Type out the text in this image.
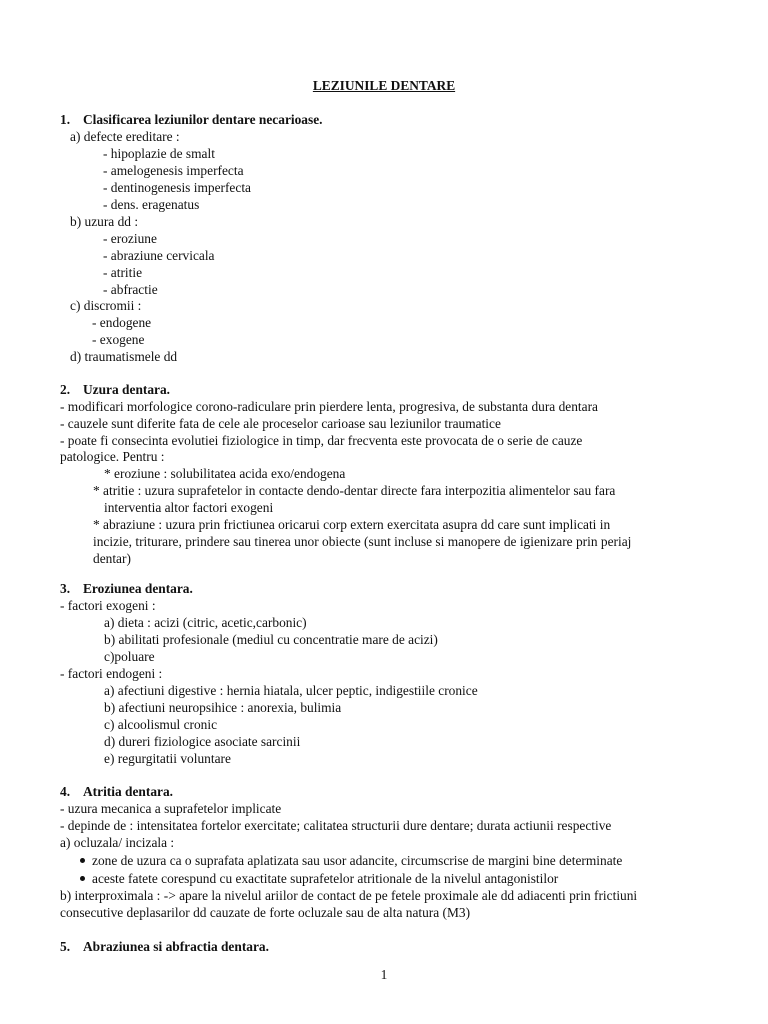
LEZIUNILE DENTARE
1. Clasificarea leziunilor dentare necarioase.
a) defecte ereditare :
- hipoplazie de smalt
- amelogenesis imperfecta
- dentinogenesis imperfecta
- dens. eragenatus
b) uzura dd :
- eroziune
- abraziune cervicala
- atritie
- abfractie
c) discromii :
- endogene
- exogene
d) traumatismele dd
2. Uzura dentara.
- modificari morfologice corono-radiculare prin pierdere lenta, progresiva, de substanta dura dentara
- cauzele sunt diferite fata de cele ale proceselor carioase sau leziunilor traumatice
- poate fi consecinta evolutiei fiziologice in timp, dar frecventa este provocata de o serie de cauze
patologice. Pentru :
* eroziune : solubilitatea acida exo/endogena
* atritie : uzura suprafetelor in contacte dendo-dentar directe fara interpozitia alimentelor sau fara
interventia altor factori exogeni
* abraziune : uzura prin frictiunea oricarui corp extern exercitata asupra dd care sunt implicati in
incizie, triturare, prindere sau tinerea unor obiecte (sunt incluse si manopere de igienizare prin periaj
dentar)
3. Eroziunea dentara.
- factori exogeni :
a) dieta : acizi (citric, acetic,carbonic)
b) abilitati profesionale (mediul cu concentratie mare de acizi)
c)poluare
- factori endogeni :
a) afectiuni digestive : hernia hiatala, ulcer peptic, indigestiile cronice
b) afectiuni neuropsihice : anorexia, bulimia
c) alcoolismul cronic
d) dureri fiziologice asociate sarcinii
e) regurgitatii voluntare
4. Atritia dentara.
- uzura mecanica a suprafetelor implicate
- depinde de : intensitatea fortelor exercitate; calitatea structurii dure dentare; durata actiunii respective
a) ocluzala/ incizala :
zone de uzura ca o suprafata aplatizata sau usor adancite, circumscrise de margini bine determinate
aceste fatete corespund cu exactitate suprafetelor atritionale de la nivelul antagonistilor
b) interproximala : -> apare la nivelul ariilor de contact de pe fetele proximale ale dd adiacenti prin frictiuni
consecutive deplasarilor dd cauzate de forte ocluzale sau de alta natura (M3)
5. Abraziunea si abfractia dentara.
1
